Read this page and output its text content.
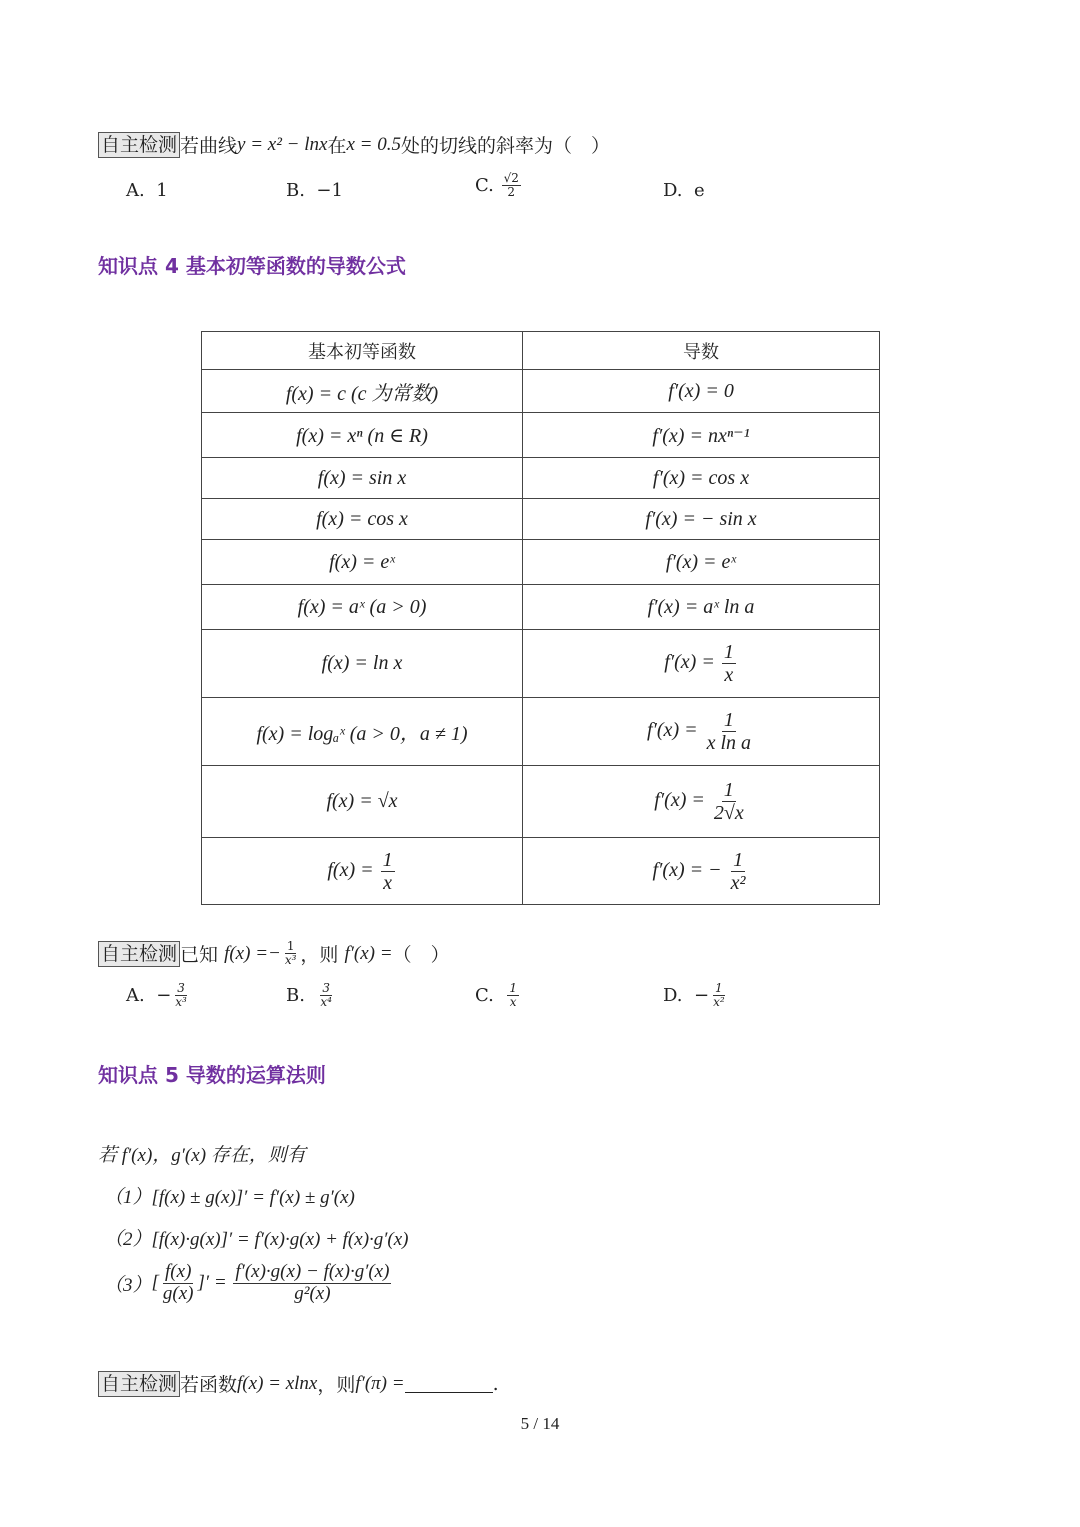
自主检测 若曲线 y = x² − lnx 在 x = 0.5 处的切线的斜率为（　）
A.
1	B.
−1	C.
$\frac{√2}{2}$	D.
e
知识点 4 基本初等函数的导数公式
基本初等函数	导数
f(x) = c (c 为常数)	f′(x) = 0
f(x) = xⁿ (n ∈ R)	f′(x) = nxⁿ⁻¹
f(x) = sin x	f′(x) = cos x
f(x) = cos x	f′(x) = − sin x
f(x) = eˣ	f′(x) = eˣ
f(x) = aˣ (a > 0)	f′(x) = aˣ ln a
f(x) = ln x	$f'(x) = \frac{1}{x}$

f(x) = logₐˣ (a > 0，a ≠ 1)	$f'(x) = \frac{1}{\text{x ln a}}$

f(x) = √x	$f'(x) = \frac{1}{2√x}$

$f(x) = \frac{1}{x}$	f′(x) = − $\frac{1}{\text{x²}}$
自主检测 已知
$f(x) =- \frac{1}{\text{x³}}$ ，则
f′(x) = （　）
A.
− $\frac{3}{\text{x³}}$	B.
$\frac{3}{\text{x⁴}}$	C.
$\frac{1}{x}$	D.
− $\frac{1}{\text{x²}}$
知识点 5 导数的运算法则
若 f′(x)，g′(x) 存在，则有
（1）[f(x) ± g(x)]′ = f′(x) ± g′(x)
（2）[f(x)·g(x)]′ = f′(x)·g(x) + f(x)·g′(x)
（3） [ $\frac{f(x)}{g(x)}$ ]′ =
$\frac{f'(x)\cdot g(x) - f(x)\cdot g'(x)}{\text{g²(x)}}$
自主检测 若函数 f(x) = xlnx ，则 f′(π) =	.
5 / 14
